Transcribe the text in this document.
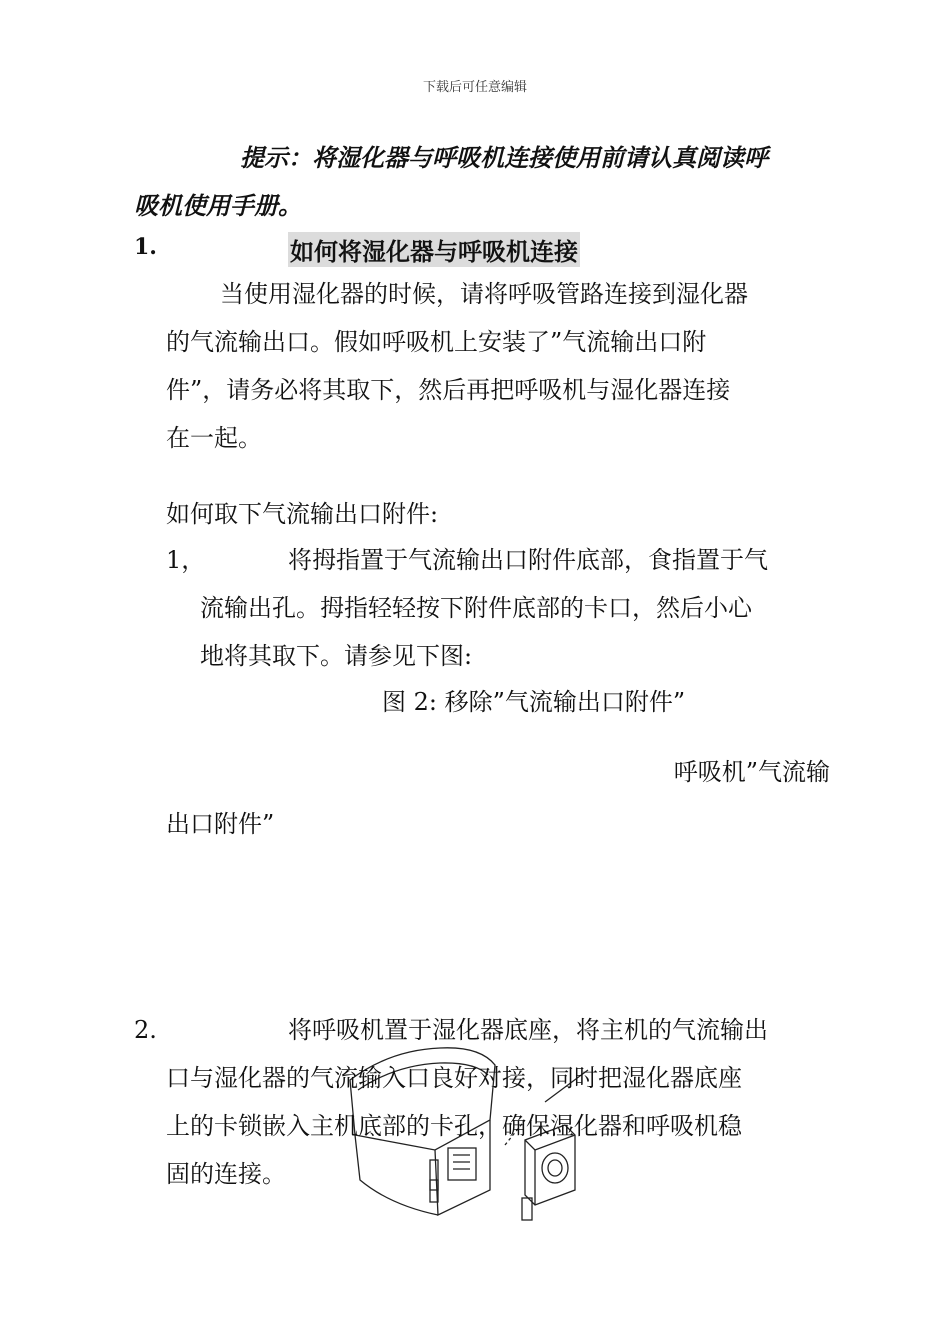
下载后可任意编辑
提示：将湿化器与呼吸机连接使用前请认真阅读呼
吸机使用手册。
1.	如何将湿化器与呼吸机连接
当使用湿化器的时候，请将呼吸管路连接到湿化器
的气流输出口。假如呼吸机上安装了”气流输出口附
件”，请务必将其取下，然后再把呼吸机与湿化器连接
在一起。
如何取下气流输出口附件:
1，	将拇指置于气流输出口附件底部，食指置于气
流输出孔。拇指轻轻按下附件底部的卡口，然后小心
地将其取下。请参见下图:
图 2: 移除”气流输出口附件”
呼吸机”气流输
出口附件”
2.	将呼吸机置于湿化器底座，将主机的气流输出
口与湿化器的气流输入口良好对接，同时把湿化器底座
上的卡锁嵌入主机底部的卡孔，确保湿化器和呼吸机稳
固的连接。
